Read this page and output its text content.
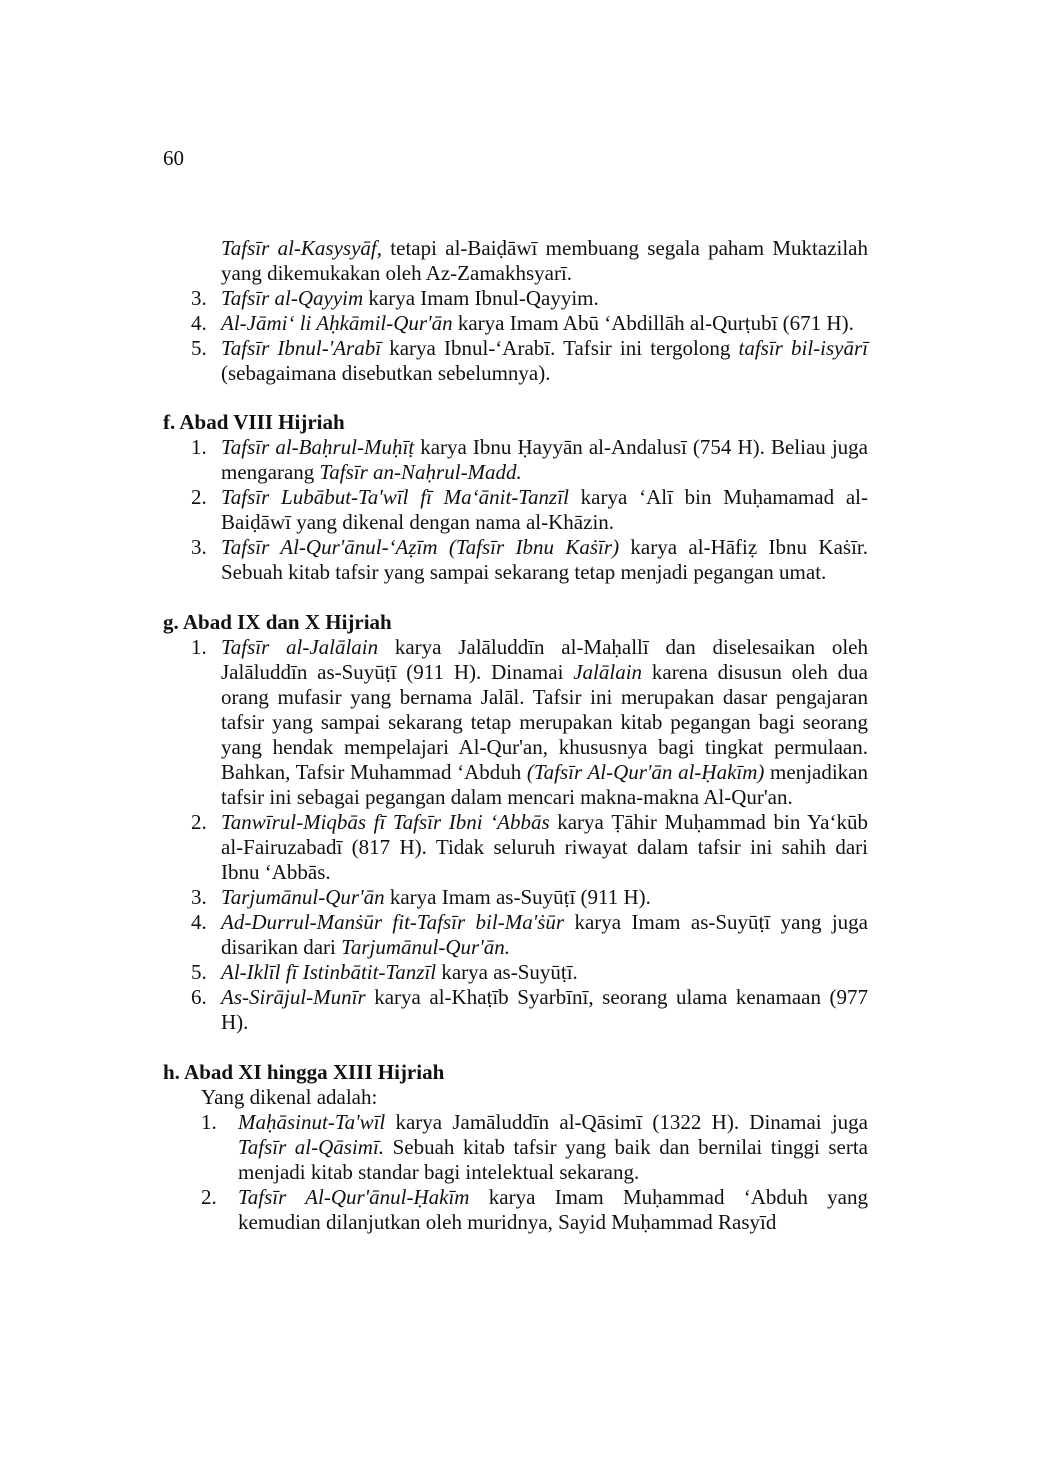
60
Tafsīr al-Kasysyāf, tetapi al-Baiḍāwī membuang segala paham Muktazilah yang dikemukakan oleh Az-Zamakhsyarī.
3. Tafsīr al-Qayyim karya Imam Ibnul-Qayyim.
4. Al-Jāmi‘ li Aḥkāmil-Qur'ān karya Imam Abū ‘Abdillāh al-Qurṭubī (671 H).
5. Tafsīr Ibnul-'Arabī karya Ibnul-‘Arabī. Tafsir ini tergolong tafsīr bil-isyārī (sebagaimana disebutkan sebelumnya).
f. Abad VIII Hijriah
1. Tafsīr al-Baḥrul-Muḥīṭ karya Ibnu Ḥayyān al-Andalusī (754 H). Beliau juga mengarang Tafsīr an-Naḥrul-Madd.
2. Tafsīr Lubābut-Ta'wīl fī Ma‘ānit-Tanzīl karya ‘Alī bin Muḥamamad al-Baiḍāwī yang dikenal dengan nama al-Khāzin.
3. Tafsīr Al-Qur'ānul-‘Aẓīm (Tafsīr Ibnu Kaṡīr) karya al-Hāfiẓ Ibnu Kaṡīr. Sebuah kitab tafsir yang sampai sekarang tetap menjadi pegangan umat.
g. Abad IX dan X Hijriah
1. Tafsīr al-Jalālain karya Jalāluddīn al-Maḥallī dan diselesaikan oleh Jalāluddīn as-Suyūṭī (911 H). Dinamai Jalālain karena disusun oleh dua orang mufasir yang bernama Jalāl. Tafsir ini merupakan dasar pengajaran tafsir yang sampai sekarang tetap merupakan kitab pegangan bagi seorang yang hendak mempelajari Al-Qur'an, khususnya bagi tingkat permulaan. Bahkan, Tafsir Muhammad ‘Abduh (Tafsīr Al-Qur'ān al-Ḥakīm) menjadikan tafsir ini sebagai pegangan dalam mencari makna-makna Al-Qur'an.
2. Tanwīrul-Miqbās fī Tafsīr Ibni ‘Abbās karya Ṭāhir Muḥammad bin Ya‘kūb al-Fairuzabadī (817 H). Tidak seluruh riwayat dalam tafsir ini sahih dari Ibnu ‘Abbās.
3. Tarjumānul-Qur'ān karya Imam as-Suyūṭī (911 H).
4. Ad-Durrul-Manṡūr fit-Tafsīr bil-Ma'ṡūr karya Imam as-Suyūṭī yang juga disarikan dari Tarjumānul-Qur'ān.
5. Al-Iklīl fī Istinbātit-Tanzīl karya as-Suyūṭī.
6. As-Sirājul-Munīr karya al-Khaṭīb Syarbīnī, seorang ulama kenamaan (977 H).
h. Abad XI hingga XIII Hijriah
Yang dikenal adalah:
1. Maḥāsinut-Ta'wīl karya Jamāluddīn al-Qāsimī (1322 H). Dinamai juga Tafsīr al-Qāsimī. Sebuah kitab tafsir yang baik dan bernilai tinggi serta menjadi kitab standar bagi intelektual sekarang.
2. Tafsīr Al-Qur'ānul-Ḥakīm karya Imam Muḥammad ‘Abduh yang kemudian dilanjutkan oleh muridnya, Sayid Muḥammad Rasyīd
